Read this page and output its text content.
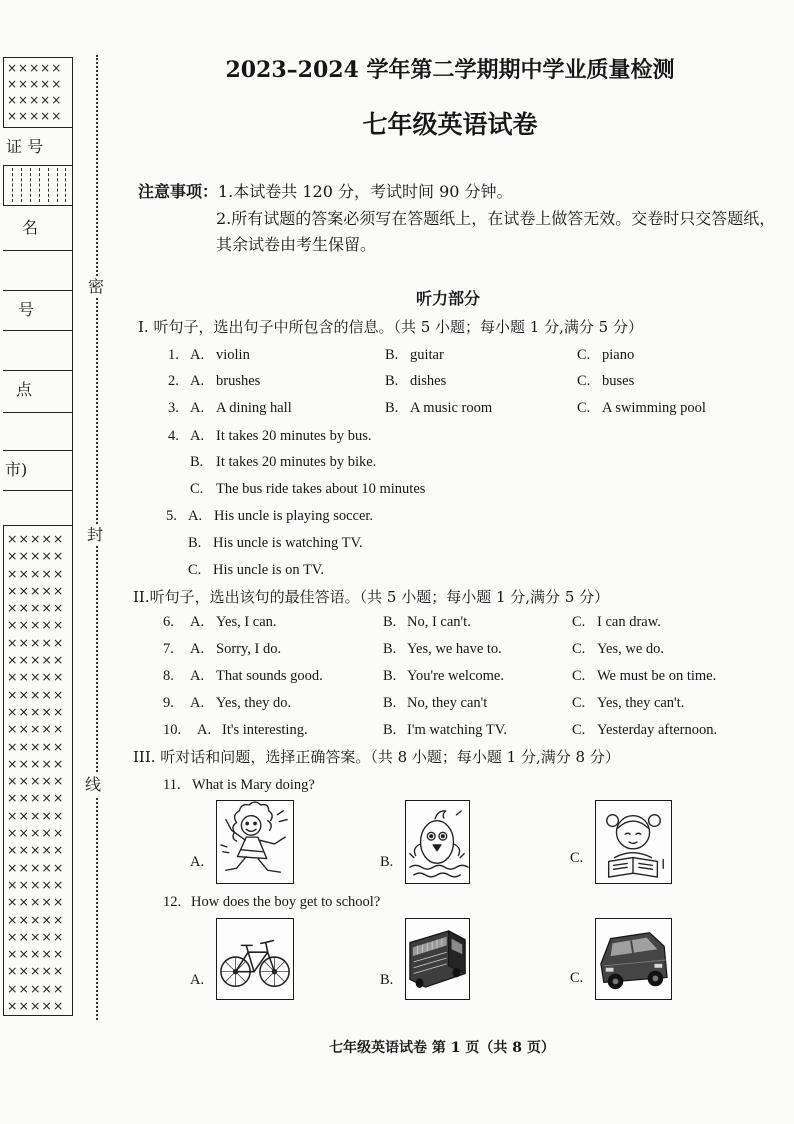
×××××
×××××
×××××
×××××
证 号
名
号
点
市)
×××××
×××××
×××××
×××××
×××××
×××××
×××××
×××××
×××××
×××××
×××××
×××××
×××××
×××××
×××××
×××××
×××××
×××××
×××××
×××××
×××××
×××××
×××××
×××××
×××××
×××××
×××××
×××××
密
封
线
2023–2024 学年第二学期期中学业质量检测
七年级英语试卷
注意事项： 1.本试卷共 120 分，考试时间 90 分钟。
2.所有试题的答案必须写在答题纸上，在试卷上做答无效。交卷时只交答题纸，
其余试卷由考生保留。
听力部分
I. 听句子，选出句子中所包含的信息。（共 5 小题；每小题 1 分,满分 5 分）
1. A. violin	B. guitar	C. piano
2. A. brushes	B. dishes	C. buses
3. A. A dining hall	B. A music room	C. A swimming pool
4. A. It takes 20 minutes by bus.
B. It takes 20 minutes by bike.
C. The bus ride takes about 10 minutes
5. A. His uncle is playing soccer.
B. His uncle is watching TV.
C. His uncle is on TV.
II.听句子，选出该句的最佳答语。（共 5 小题；每小题 1 分,满分 5 分）
6. A. Yes, I can.	B. No, I can't.	C. I can draw.
7. A. Sorry, I do.	B. Yes, we have to.	C. Yes, we do.
8. A. That sounds good.	B. You're welcome.	C. We must be on time.
9. A. Yes, they do.	B. No, they can't	C. Yes, they can't.
10. A. It's interesting.	B. I'm watching TV.	C. Yesterday afternoon.
III. 听对话和问题，选择正确答案。（共 8 小题；每小题 1 分,满分 8 分）
11. What is Mary doing?
A.	B.	C.
12. How does the boy get to school?
A.	B.	C.
七年级英语试卷 第 1 页（共 8 页）
